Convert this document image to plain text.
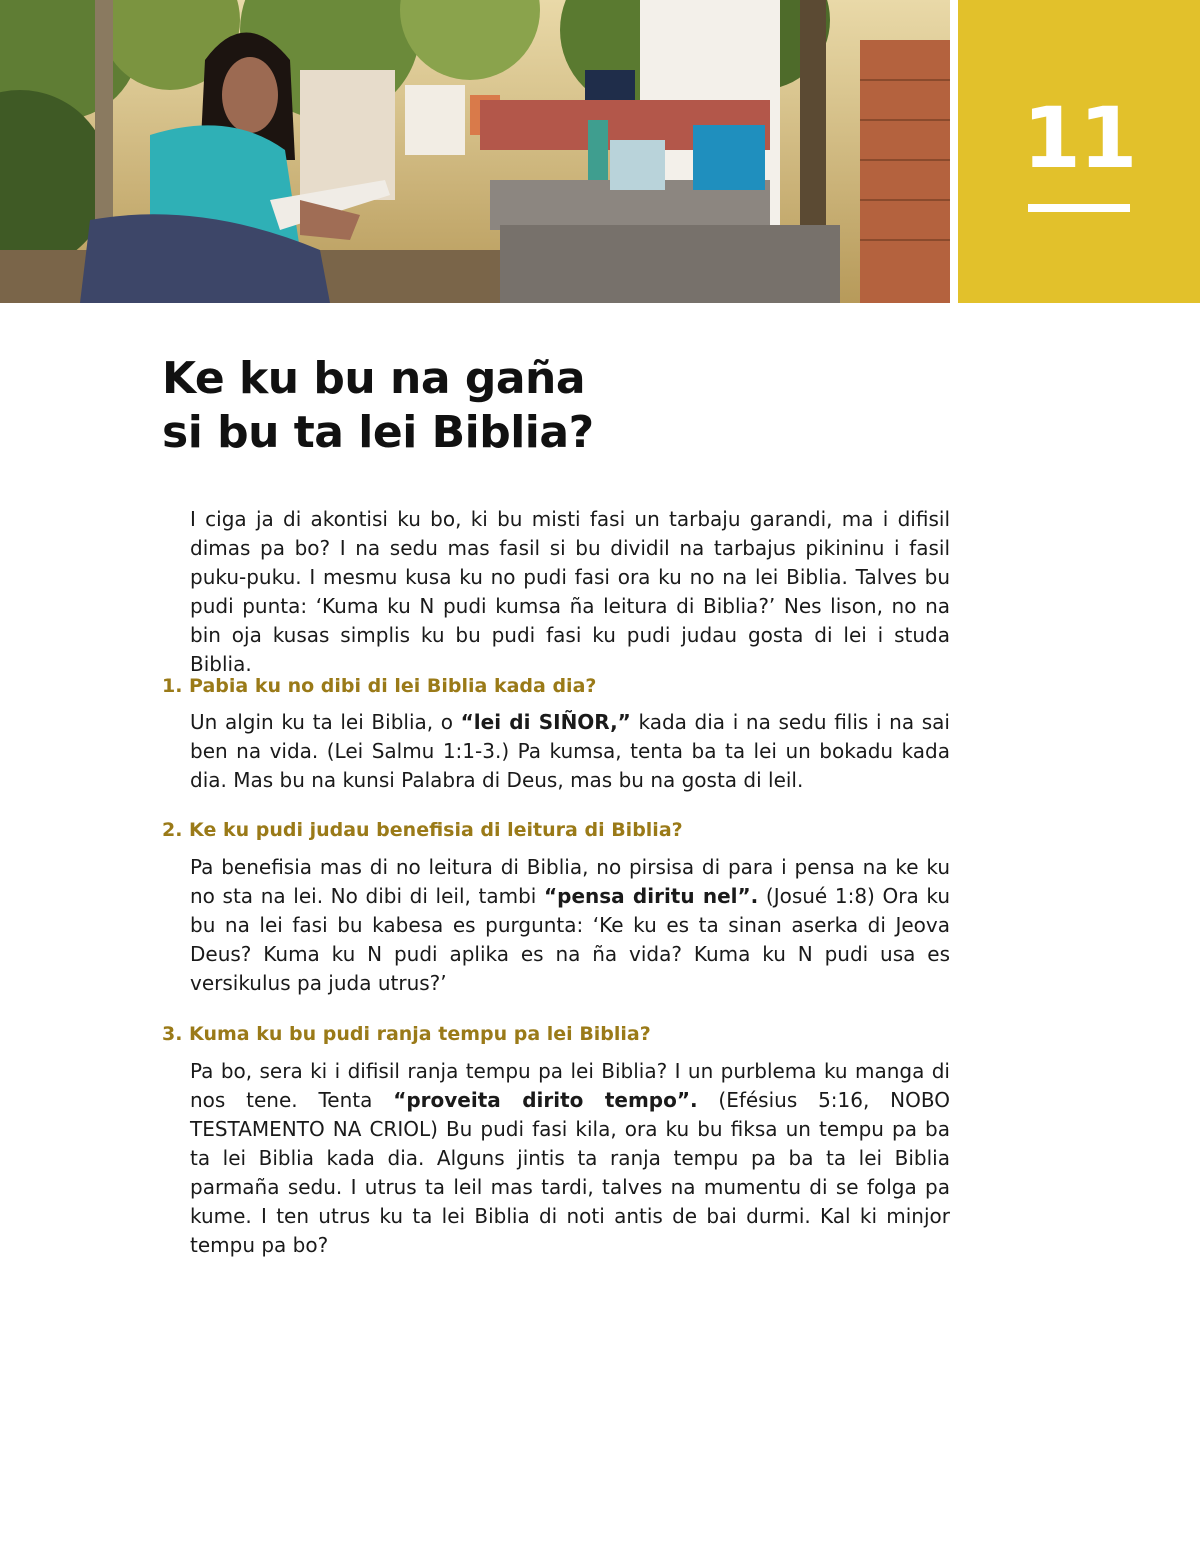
11
Ke ku bu na gaña
si bu ta lei Biblia?

I ciga ja di akontisi ku bo, ki bu misti fasi un tarbaju garandi, ma i difisil dimas pa bo? I na sedu mas fasil si bu dividil na tarbajus pikininu i fasil puku-puku. I mesmu kusa ku no pudi fasi ora ku no na lei Biblia. Talves bu pudi punta: ‘Kuma ku N pudi kumsa ña leitura di Biblia?’ Nes lison, no na bin oja kusas simplis ku bu pudi fasi ku pudi judau gosta di lei i studa Biblia.

1. Pabia ku no dibi di lei Biblia kada dia?

Un algin ku ta lei Biblia, o “lei di SIÑOR,” kada dia i na sedu filis i na sai ben na vida. (Lei Salmu 1:1-3.) Pa kumsa, tenta ba ta lei un bokadu kada dia. Mas bu na kunsi Palabra di Deus, mas bu na gosta di leil.

2. Ke ku pudi judau benefisia di leitura di Biblia?

Pa benefisia mas di no leitura di Biblia, no pirsisa di para i pensa na ke ku no sta na lei. No dibi di leil, tambi “pensa diritu nel”. (Josué 1:8) Ora ku bu na lei fasi bu kabesa es purgunta: ‘Ke ku es ta sinan aserka di Jeova Deus? Kuma ku N pudi aplika es na ña vida? Kuma ku N pudi usa es versikulus pa juda utrus?’

3. Kuma ku bu pudi ranja tempu pa lei Biblia?

Pa bo, sera ki i difisil ranja tempu pa lei Biblia? I un purblema ku manga di nos tene. Tenta “proveita dirito tempo”. (Efésius 5:16, NOBO TESTAMENTO NA CRIOL) Bu pudi fasi kila, ora ku bu fiksa un tempu pa ba ta lei Biblia kada dia. Alguns jintis ta ranja tempu pa ba ta lei Biblia parmaña sedu. I utrus ta leil mas tardi, talves na mumentu di se folga pa kume. I ten utrus ku ta lei Biblia di noti antis de bai durmi. Kal ki minjor tempu pa bo?
